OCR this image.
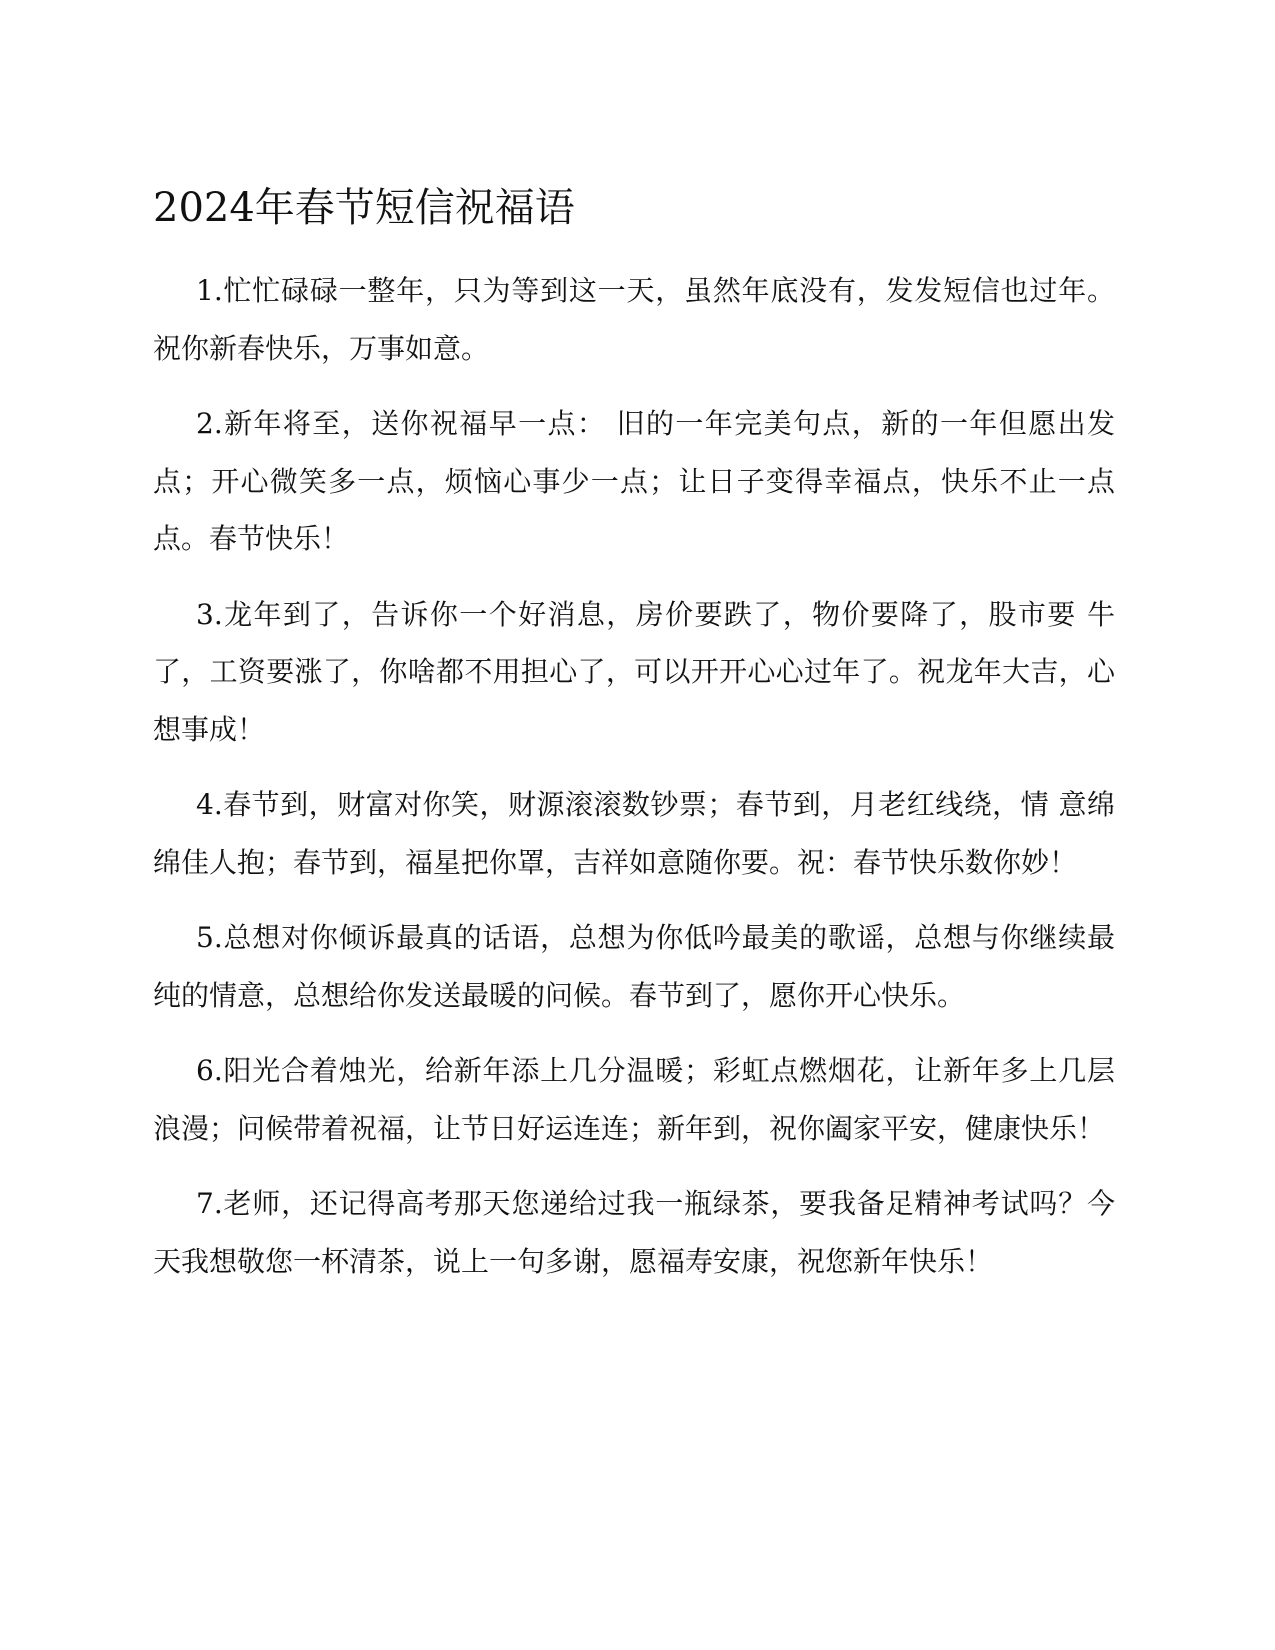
2024年春节短信祝福语

1.忙忙碌碌一整年，只为等到这一天，虽然年底没有，发发短信也过年。祝你新春快乐，万事如意。

2.新年将至，送你祝福早一点： 旧的一年完美句点，新的一年但愿出发点；开心微笑多一点，烦恼心事少一点；让日子变得幸福点，快乐不止一点点。春节快乐！

3.龙年到了，告诉你一个好消息，房价要跌了，物价要降了，股市要 牛了，工资要涨了，你啥都不用担心了，可以开开心心过年了。祝龙年大吉，心想事成！

4.春节到，财富对你笑，财源滚滚数钞票；春节到，月老红线绕，情 意绵绵佳人抱；春节到，福星把你罩，吉祥如意随你要。祝：春节快乐数你妙！

5.总想对你倾诉最真的话语，总想为你低吟最美的歌谣，总想与你继续最纯的情意，总想给你发送最暖的问候。春节到了，愿你开心快乐。

6.阳光合着烛光，给新年添上几分温暖；彩虹点燃烟花，让新年多上几层浪漫；问候带着祝福，让节日好运连连；新年到，祝你阖家平安，健康快乐！

7.老师，还记得高考那天您递给过我一瓶绿茶，要我备足精神考试吗？今天我想敬您一杯清茶，说上一句多谢，愿福寿安康，祝您新年快乐！
